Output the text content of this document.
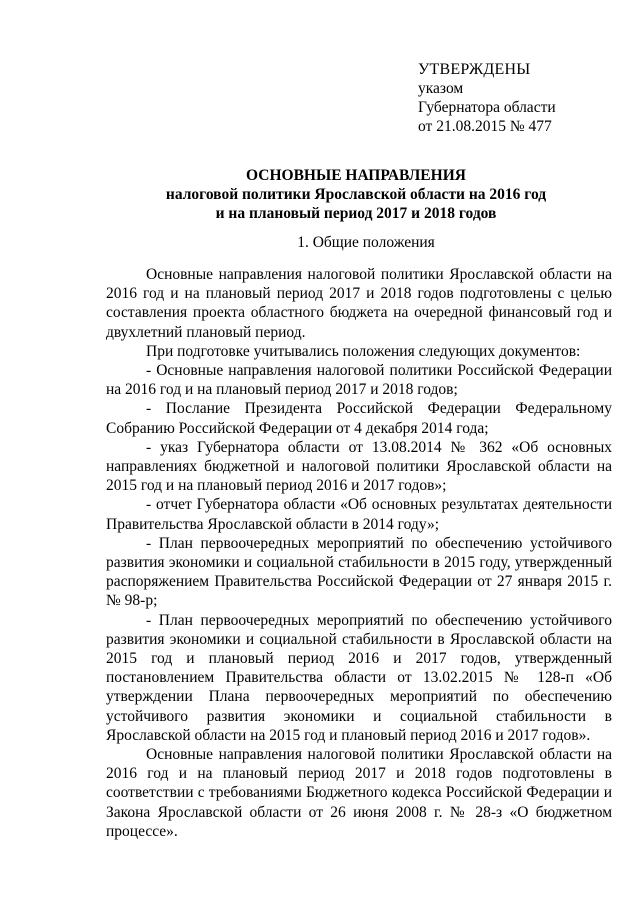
УТВЕРЖДЕНЫ
указом
Губернатора области
от 21.08.2015 № 477
ОСНОВНЫЕ НАПРАВЛЕНИЯ
налоговой политики Ярославской области на 2016 год
и на плановый период 2017 и 2018 годов
1. Общие положения

Основные направления налоговой политики Ярославской области на 2016 год и на плановый период 2017 и 2018 годов подготовлены с целью составления проекта областного бюджета на очередной финансовый год и двухлетний плановый период.

При подготовке учитывались положения следующих документов:

- Основные направления налоговой политики Российской Федерации на 2016 год и на плановый период 2017 и 2018 годов;

- Послание Президента Российской Федерации Федеральному Собранию Российской Федерации от 4 декабря 2014 года;

- указ Губернатора области от 13.08.2014 № 362 «Об основных направлениях бюджетной и налоговой политики Ярославской области на 2015 год и на плановый период 2016 и 2017 годов»;

- отчет Губернатора области «Об основных результатах деятельности Правительства Ярославской области в 2014 году»;

- План первоочередных мероприятий по обеспечению устойчивого развития экономики и социальной стабильности в 2015 году, утвержденный распоряжением Правительства Российской Федерации от 27 января 2015 г. № 98-р;

- План первоочередных мероприятий по обеспечению устойчивого развития экономики и социальной стабильности в Ярославской области на 2015 год и плановый период 2016 и 2017 годов, утвержденный постановлением Правительства области от 13.02.2015 № 128-п «Об утверждении Плана первоочередных мероприятий по обеспечению устойчивого развития экономики и социальной стабильности в Ярославской области на 2015 год и плановый период 2016 и 2017 годов».

Основные направления налоговой политики Ярославской области на 2016 год и на плановый период 2017 и 2018 годов подготовлены в соответствии с требованиями Бюджетного кодекса Российской Федерации и Закона Ярославской области от 26 июня 2008 г. № 28-з «О бюджетном процессе».
